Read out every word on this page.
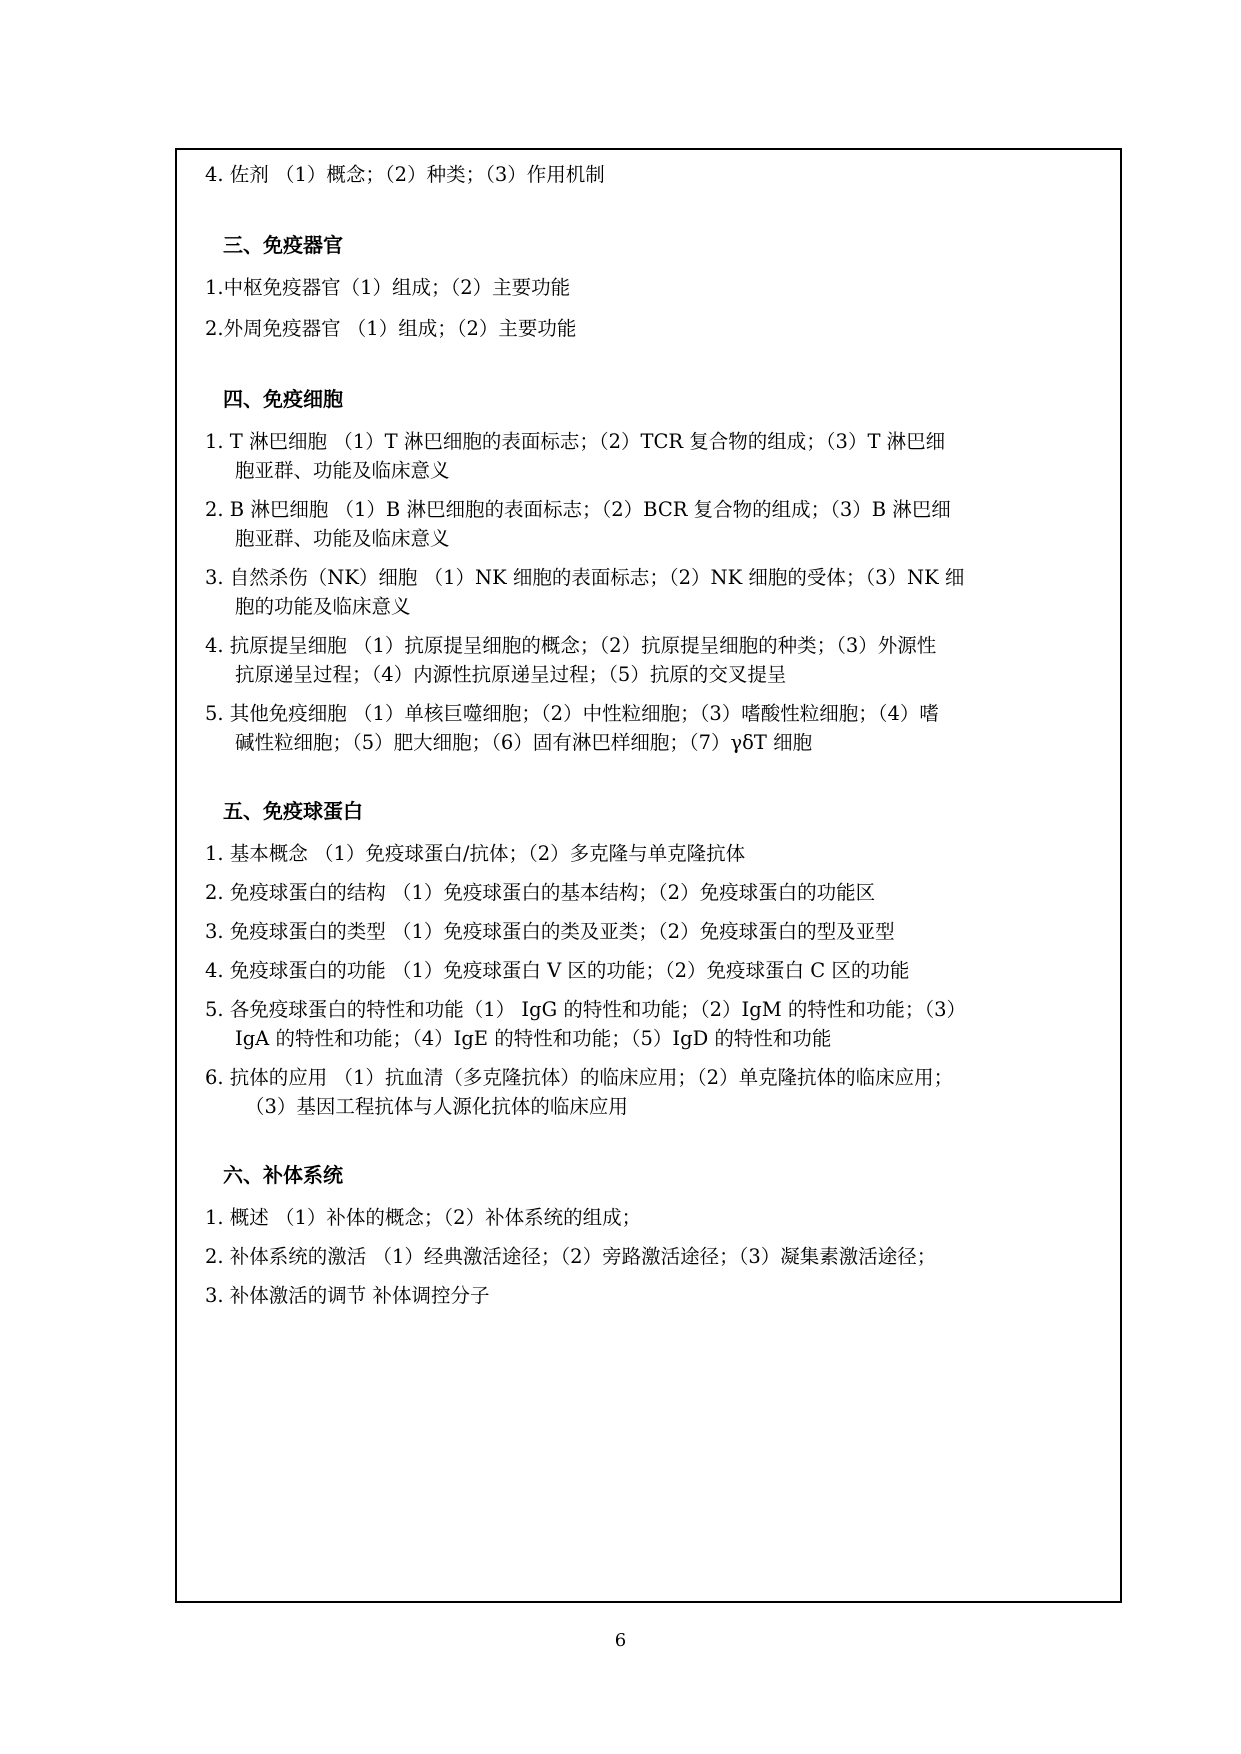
4. 佐剂 （1）概念；（2）种类；（3）作用机制
三、免疫器官
1.中枢免疫器官（1）组成；（2）主要功能
2.外周免疫器官 （1）组成；（2）主要功能
四、免疫细胞
1. T 淋巴细胞 （1）T 淋巴细胞的表面标志；（2）TCR 复合物的组成；（3）T 淋巴细
胞亚群、功能及临床意义
2. B 淋巴细胞 （1）B 淋巴细胞的表面标志；（2）BCR 复合物的组成；（3）B 淋巴细
胞亚群、功能及临床意义
3. 自然杀伤（NK）细胞 （1）NK 细胞的表面标志；（2）NK 细胞的受体；（3）NK 细
胞的功能及临床意义
4. 抗原提呈细胞 （1）抗原提呈细胞的概念；（2）抗原提呈细胞的种类；（3）外源性
抗原递呈过程；（4）内源性抗原递呈过程；（5）抗原的交叉提呈
5. 其他免疫细胞 （1）单核巨噬细胞；（2）中性粒细胞；（3）嗜酸性粒细胞；（4）嗜
碱性粒细胞；（5）肥大细胞；（6）固有淋巴样细胞；（7）γδT 细胞
五、免疫球蛋白
1. 基本概念 （1）免疫球蛋白/抗体；（2）多克隆与单克隆抗体
2. 免疫球蛋白的结构 （1）免疫球蛋白的基本结构；（2）免疫球蛋白的功能区
3. 免疫球蛋白的类型 （1）免疫球蛋白的类及亚类；（2）免疫球蛋白的型及亚型
4. 免疫球蛋白的功能 （1）免疫球蛋白 V 区的功能；（2）免疫球蛋白 C 区的功能
5. 各免疫球蛋白的特性和功能（1） IgG 的特性和功能；（2）IgM 的特性和功能；（3）
IgA 的特性和功能；（4）IgE 的特性和功能；（5）IgD 的特性和功能
6. 抗体的应用 （1）抗血清（多克隆抗体）的临床应用；（2）单克隆抗体的临床应用；
（3）基因工程抗体与人源化抗体的临床应用
六、补体系统
1. 概述 （1）补体的概念；（2）补体系统的组成；
2. 补体系统的激活 （1）经典激活途径；（2）旁路激活途径；（3）凝集素激活途径；
3. 补体激活的调节 补体调控分子
6
